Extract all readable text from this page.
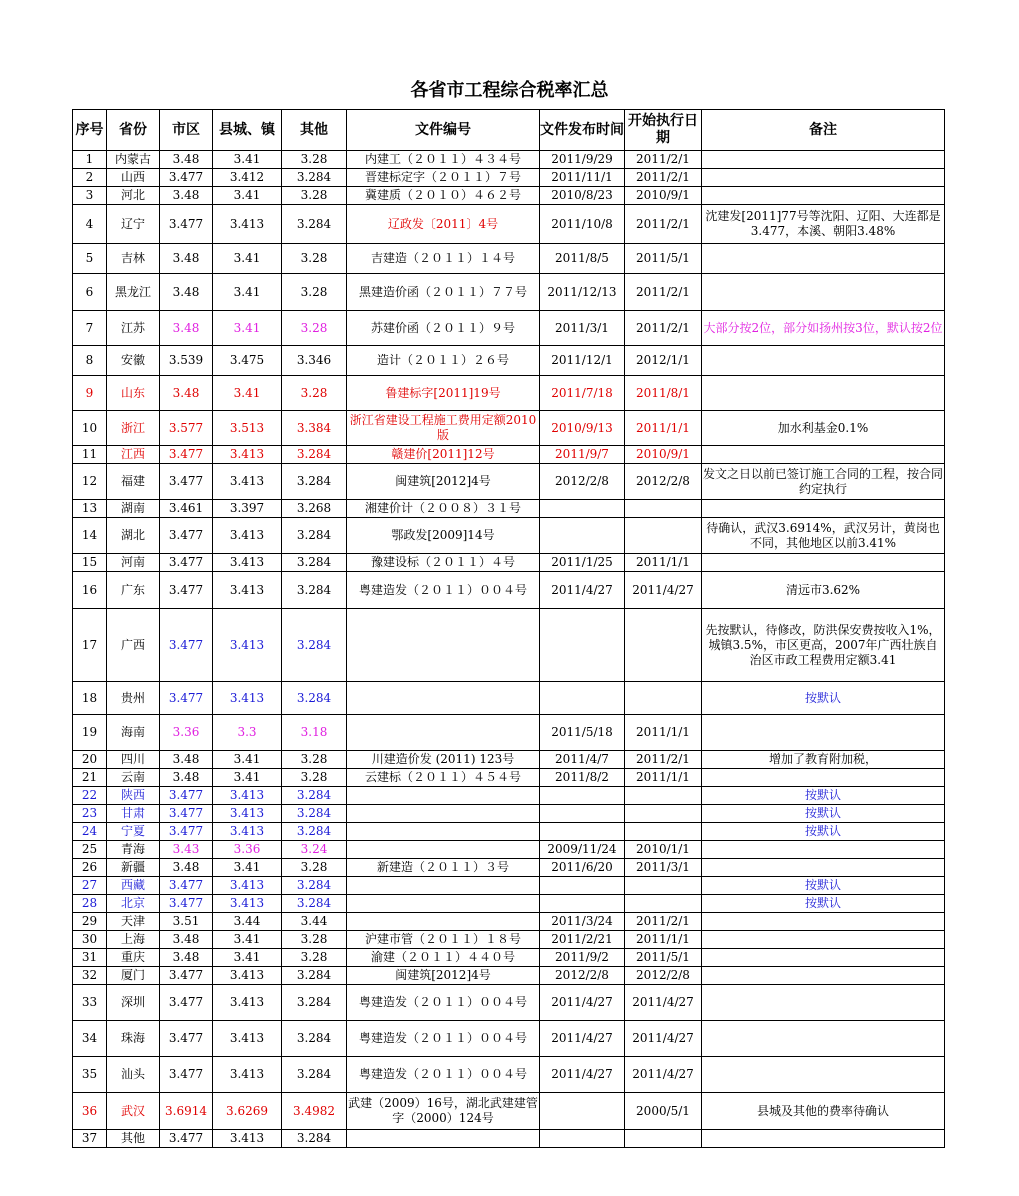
各省市工程综合税率汇总
序号	省份	市区	县城、镇	其他	文件编号	文件发布时间	开始执行日期	备注
1	内蒙古	3.48	3.41	3.28	内建工（２０１１）４３４号	2011/9/29	2011/2/1	
2	山西	3.477	3.412	3.284	晋建标定字（２０１１）７号	2011/11/1	2011/2/1	
3	河北	3.48	3.41	3.28	冀建质（２０１０）４６２号	2010/8/23	2010/9/1	
4	辽宁	3.477	3.413	3.284	辽政发〔2011〕4号	2011/10/8	2011/2/1	沈建发[2011]77号等沈阳、辽阳、大连都是3.477，本溪、朝阳3.48%
5	吉林	3.48	3.41	3.28	吉建造（２０１１）１４号	2011/8/5	2011/5/1	
6	黑龙江	3.48	3.41	3.28	黑建造价函（２０１１）７７号	2011/12/13	2011/2/1	
7	江苏	3.48	3.41	3.28	苏建价函（２０１１）９号	2011/3/1	2011/2/1	大部分按2位，部分如扬州按3位，默认按2位
8	安徽	3.539	3.475	3.346	造计（２０１１）２６号	2011/12/1	2012/1/1	
9	山东	3.48	3.41	3.28	鲁建标字[2011]19号	2011/7/18	2011/8/1	
10	浙江	3.577	3.513	3.384	浙江省建设工程施工费用定额2010版	2010/9/13	2011/1/1	加水利基金0.1%
11	江西	3.477	3.413	3.284	赣建价[2011]12号	2011/9/7	2010/9/1	
12	福建	3.477	3.413	3.284	闽建筑[2012]4号	2012/2/8	2012/2/8	发文之日以前已签订施工合同的工程，按合同约定执行
13	湖南	3.461	3.397	3.268	湘建价计（２００８）３１号			
14	湖北	3.477	3.413	3.284	鄂政发[2009]14号			待确认，武汉3.6914%，武汉另计，黄岗也不同，其他地区以前3.41%
15	河南	3.477	3.413	3.284	豫建设标（２０１１）４号	2011/1/25	2011/1/1	
16	广东	3.477	3.413	3.284	粤建造发（２０１１）００４号	2011/4/27	2011/4/27	清远市3.62%
17	广西	3.477	3.413	3.284				先按默认，待修改，防洪保安费按收入1%，城镇3.5%，市区更高，2007年广西壮族自治区市政工程费用定额3.41
18	贵州	3.477	3.413	3.284				按默认
19	海南	3.36	3.3	3.18		2011/5/18	2011/1/1	
20	四川	3.48	3.41	3.28	川建造价发 (2011) 123号	2011/4/7	2011/2/1	增加了教育附加税，
21	云南	3.48	3.41	3.28	云建标（２０１１）４５４号	2011/8/2	2011/1/1	
22	陕西	3.477	3.413	3.284				按默认
23	甘肃	3.477	3.413	3.284				按默认
24	宁夏	3.477	3.413	3.284				按默认
25	青海	3.43	3.36	3.24		2009/11/24	2010/1/1	
26	新疆	3.48	3.41	3.28	新建造（２０１１）３号	2011/6/20	2011/3/1	
27	西藏	3.477	3.413	3.284				按默认
28	北京	3.477	3.413	3.284				按默认
29	天津	3.51	3.44	3.44		2011/3/24	2011/2/1	
30	上海	3.48	3.41	3.28	沪建市管（２０１１）１８号	2011/2/21	2011/1/1	
31	重庆	3.48	3.41	3.28	渝建（２０１１）４４０号	2011/9/2	2011/5/1	
32	厦门	3.477	3.413	3.284	闽建筑[2012]4号	2012/2/8	2012/2/8	
33	深圳	3.477	3.413	3.284	粤建造发（２０１１）００４号	2011/4/27	2011/4/27	
34	珠海	3.477	3.413	3.284	粤建造发（２０１１）００４号	2011/4/27	2011/4/27	
35	汕头	3.477	3.413	3.284	粤建造发（２０１１）００４号	2011/4/27	2011/4/27	
36	武汉	3.6914	3.6269	3.4982	武建（2009）16号，湖北武建建管字（2000）124号		2000/5/1	县城及其他的费率待确认
37	其他	3.477	3.413	3.284				
